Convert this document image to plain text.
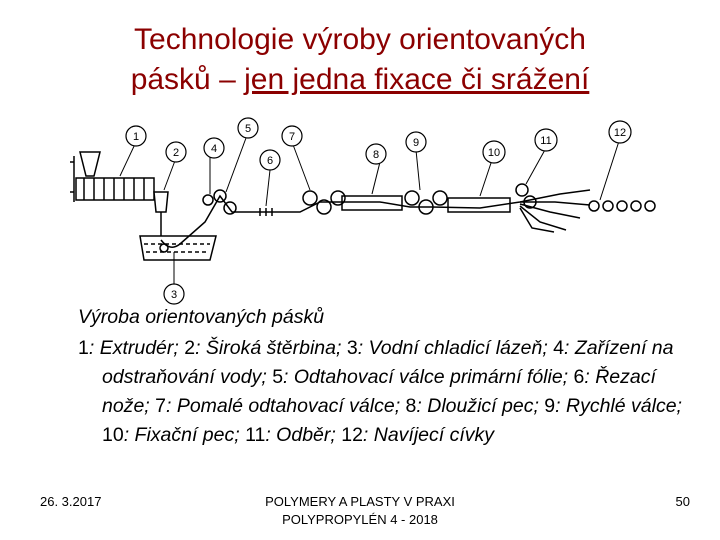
Technologie výroby orientovaných
pásků – jen jedna fixace či srážení
1
2
3
4
5
6
7
8
9
10
11
12
Výroba orientovaných pásků
1: Extrudér; 2: Široká štěrbina; 3: Vodní chladicí lázeň; 4: Zařízení na odstraňování vody; 5: Odtahovací válce primární fólie; 6: Řezací nože; 7: Pomalé odtahovací válce; 8: Dloužicí pec; 9: Rychlé válce; 10: Fixační pec; 11: Odběr; 12: Navíjecí cívky
26. 3.2017	POLYMERY A PLASTY V PRAXI
POLYPROPYLÉN 4 - 2018
50
